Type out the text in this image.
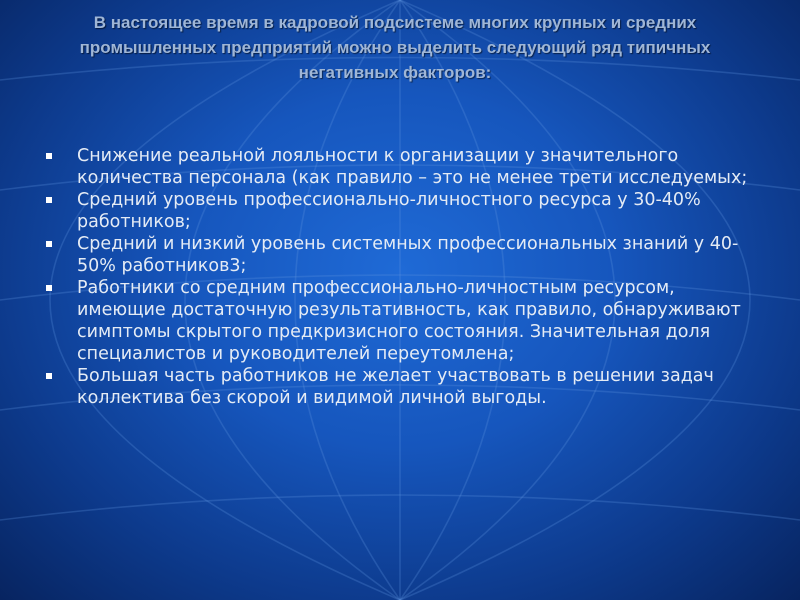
В настоящее время в кадровой подсистеме многих крупных и средних промышленных предприятий можно выделить следующий ряд типичных негативных факторов:
Снижение реальной лояльности к организации у значительного количества персонала (как правило – это не менее трети исследуемых;
Средний уровень профессионально-личностного ресурса у 30-40% работников;
Средний и низкий уровень системных профессиональных знаний у 40-50% работников3;
Работники со средним профессионально-личностным ресурсом, имеющие достаточную результативность, как правило, обнаруживают симптомы скрытого предкризисного состояния. Значительная доля специалистов и руководителей переутомлена;
Большая часть работников не желает участвовать в решении задач коллектива без скорой и видимой личной выгоды.
